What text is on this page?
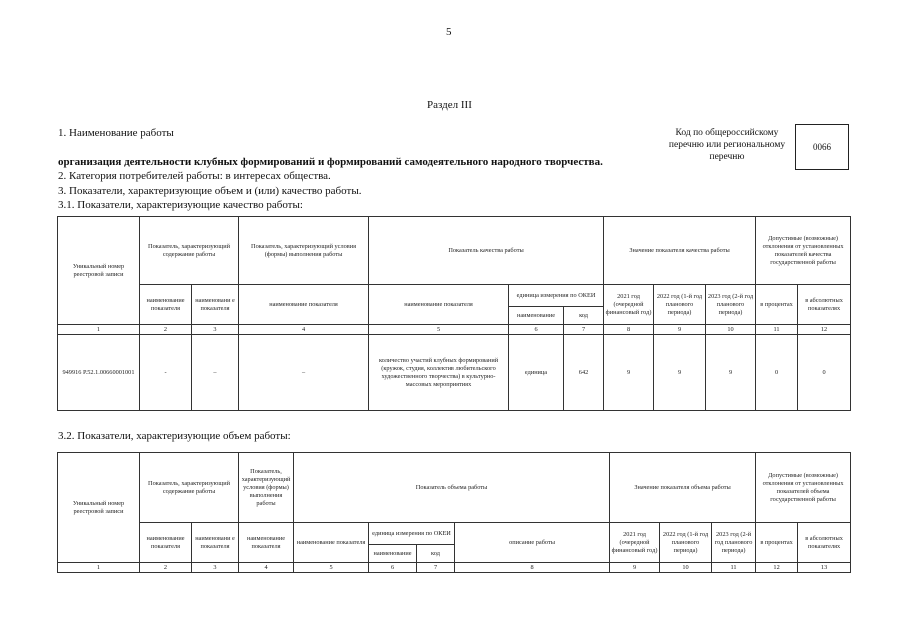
5
Раздел III
1. Наименование работы	Код по общероссийскому перечню или региональному перечню
0066
организация деятельности клубных формирований и формирований самодеятельного народного творчества.
2. Категория потребителей работы: в интересах общества.
3. Показатели, характеризующие объем и (или) качество работы.
3.1. Показатели, характеризующие качество работы:
Уникальный номер реестровой записи	Показатель, характеризующий содержание работы		Показатель, характеризующий условия (формы) выполнения работы	Показатель качества работы			Значение показателя качества работы			Допустимые (возможные) отклонения от установленных показателей качества государственной работы	
	наименование показателя	наименовани е показателя	наименование показателя	наименование показателя	единица измерения по ОКЕИ		2021 год (очередной финансовый год)	2022 год (1-й год планового периода)	2023 год (2-й год планового периода)	в процентах	в абсолютных показателях
					наименование	код					
1	2	3	4	5	6	7	8	9	10	11	12
949916 Р.52.1.00660001001	-	–	–	количество участий клубных формирований (кружок, студия, коллектив любительского художественного творчества) в культурно-массовых мероприятиях	единица	642	9	9	9	0	0
3.2. Показатели, характеризующие объем работы:
Уникальный номер реестровой записи	Показатель, характеризующий содержание работы		Показатель, характеризующий условия (формы) выполнения работы	Показатель объема работы				Значение показателя объема работы			Допустимые (возможные) отклонения от установленных показателей объема государственной работы	
	наименование показателя	наименовани е показателя	наименование показателя	наименование показателя	единица измерения по ОКЕИ		описание работы	2021 год (очередной финансовый год)	2022 год (1-й год планового периода)	2023 год (2-й год планового периода)	в процентах	в абсолютных показателях
					наименование	код						
1	2	3	4	5	6	7	8	9	10	11	12	13
